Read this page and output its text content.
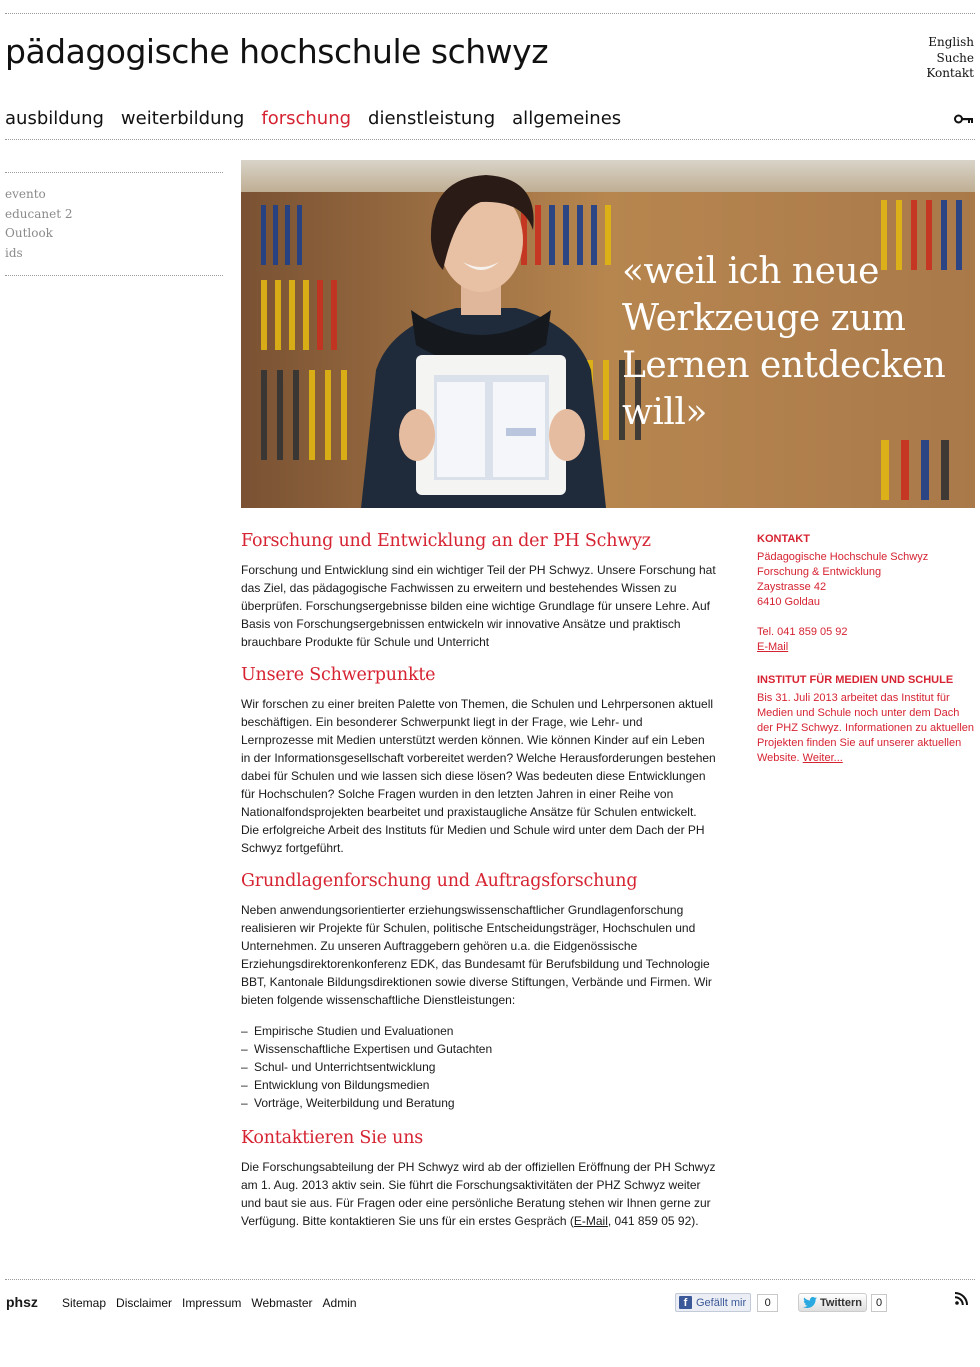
pädagogische hochschule schwyz	English
Suche
Kontakt
ausbildung weiterbildung forschung dienstleistung allgemeines
evento
educanet 2
Outlook
ids	«weil ich neue Werkzeuge zum Lernen entdecken will»
Forschung und Entwicklung an der PH Schwyz

Forschung und Entwicklung sind ein wichtiger Teil der PH Schwyz. Unsere Forschung hat das Ziel, das pädagogische Fachwissen zu erweitern und bestehendes Wissen zu überprüfen. Forschungsergebnisse bilden eine wichtige Grundlage für unsere Lehre. Auf Basis von Forschungsergebnissen entwickeln wir innovative Ansätze und praktisch brauchbare Produkte für Schule und Unterricht

Unsere Schwerpunkte

Wir forschen zu einer breiten Palette von Themen, die Schulen und Lehrpersonen aktuell beschäftigen. Ein besonderer Schwerpunkt liegt in der Frage, wie Lehr- und Lernprozesse mit Medien unterstützt werden können. Wie können Kinder auf ein Leben in der Informationsgesellschaft vorbereitet werden? Welche Herausforderungen bestehen dabei für Schulen und wie lassen sich diese lösen? Was bedeuten diese Entwicklungen für Hochschulen? Solche Fragen wurden in den letzten Jahren in einer Reihe von Nationalfondsprojekten bearbeitet und praxistaugliche Ansätze für Schulen entwickelt. Die erfolgreiche Arbeit des Instituts für Medien und Schule wird unter dem Dach der PH Schwyz fortgeführt.

Grundlagenforschung und Auftragsforschung

Neben anwendungsorientierter erziehungswissenschaftlicher Grundlagenforschung realisieren wir Projekte für Schulen, politische Entscheidungsträger, Hochschulen und Unternehmen. Zu unseren Auftraggebern gehören u.a. die Eidgenössische Erziehungsdirektorenkonferenz EDK, das Bundesamt für Berufsbildung und Technologie BBT, Kantonale Bildungsdirektionen sowie diverse Stiftungen, Verbände und Firmen. Wir bieten folgende wissenschaftliche Dienstleistungen:

– Empirische Studien und Evaluationen
– Wissenschaftliche Expertisen und Gutachten
– Schul- und Unterrichtsentwicklung
– Entwicklung von Bildungsmedien
– Vorträge, Weiterbildung und Beratung
Kontaktieren Sie uns

Die Forschungsabteilung der PH Schwyz wird ab der offiziellen Eröffnung der PH Schwyz am 1. Aug. 2013 aktiv sein. Sie führt die Forschungsaktivitäten der PHZ Schwyz weiter und baut sie aus. Für Fragen oder eine persönliche Beratung stehen wir Ihnen gerne zur Verfügung. Bitte kontaktieren Sie uns für ein erstes Gespräch (E-Mail, 041 859 05 92).

KONTAKT
Pädagogische Hochschule Schwyz
Forschung & Entwicklung
Zaystrasse 42
6410 Goldau
Tel. 041 859 05 92
E-Mail
INSTITUT FÜR MEDIEN UND SCHULE
Bis 31. Juli 2013 arbeitet das Institut für Medien und Schule noch unter dem Dach der PHZ Schwyz. Informationen zu aktuellen Projekten finden Sie auf unserer aktuellen Website. Weiter...
phsz Sitemap Disclaimer Impressum Webmaster Admin	f Gefällt mir	0	Twittern	0
